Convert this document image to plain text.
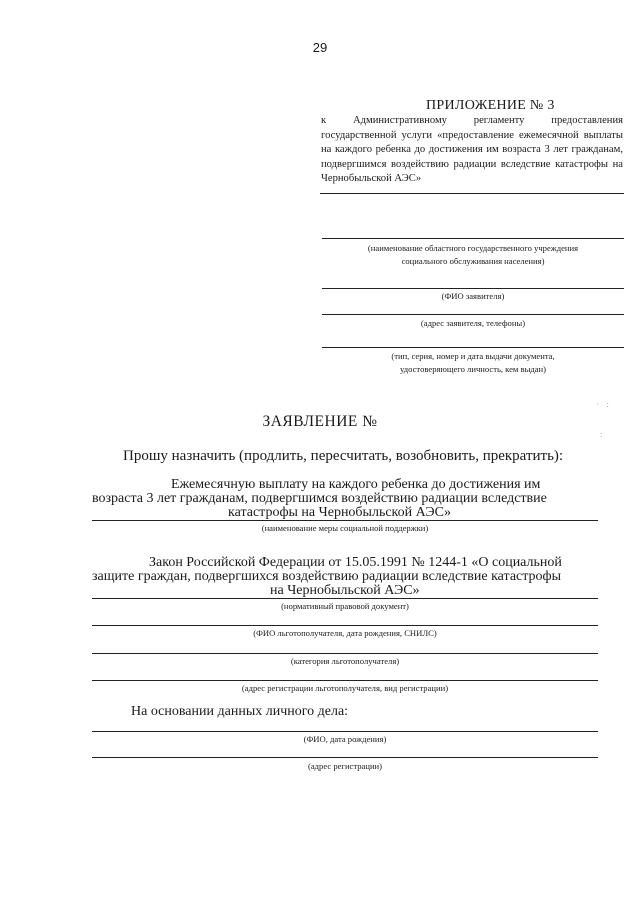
29
ПРИЛОЖЕНИЕ № 3
к Административному регламенту предоставления государственной услуги «предоставление ежемесячной выплаты на каждого ребенка до достижения им возраста 3 лет гражданам, подвергшимся воздействию радиации вследствие катастрофы на Чернобыльской АЭС»
(наименование областного государственного учреждения
социального обслуживания населения)
(ФИО заявителя)
(адрес заявителя, телефоны)
(тип, серия, номер и дата выдачи документа,
удостоверяющего личность, кем выдан)
· :
:
ЗАЯВЛЕНИЕ №
Прошу назначить (продлить, пересчитать, возобновить, прекратить):
Ежемесячную выплату на каждого ребенка до достижения им
возраста 3 лет гражданам, подвергшимся воздействию радиации вследствие
катастрофы на Чернобыльской АЭС»
(наименование меры социальной поддержки)
Закон Российской Федерации от 15.05.1991 № 1244-1 «О социальной
защите граждан, подвергшихся воздействию радиации вследствие катастрофы
на Чернобыльской АЭС»
(нормативный правовой документ)
(ФИО льготополучателя, дата рождения, СНИЛС)
(категория льготополучателя)
(адрес регистрации льготополучателя, вид регистрации)
На основании данных личного дела:
(ФИО, дата рождения)
(адрес регистрации)
